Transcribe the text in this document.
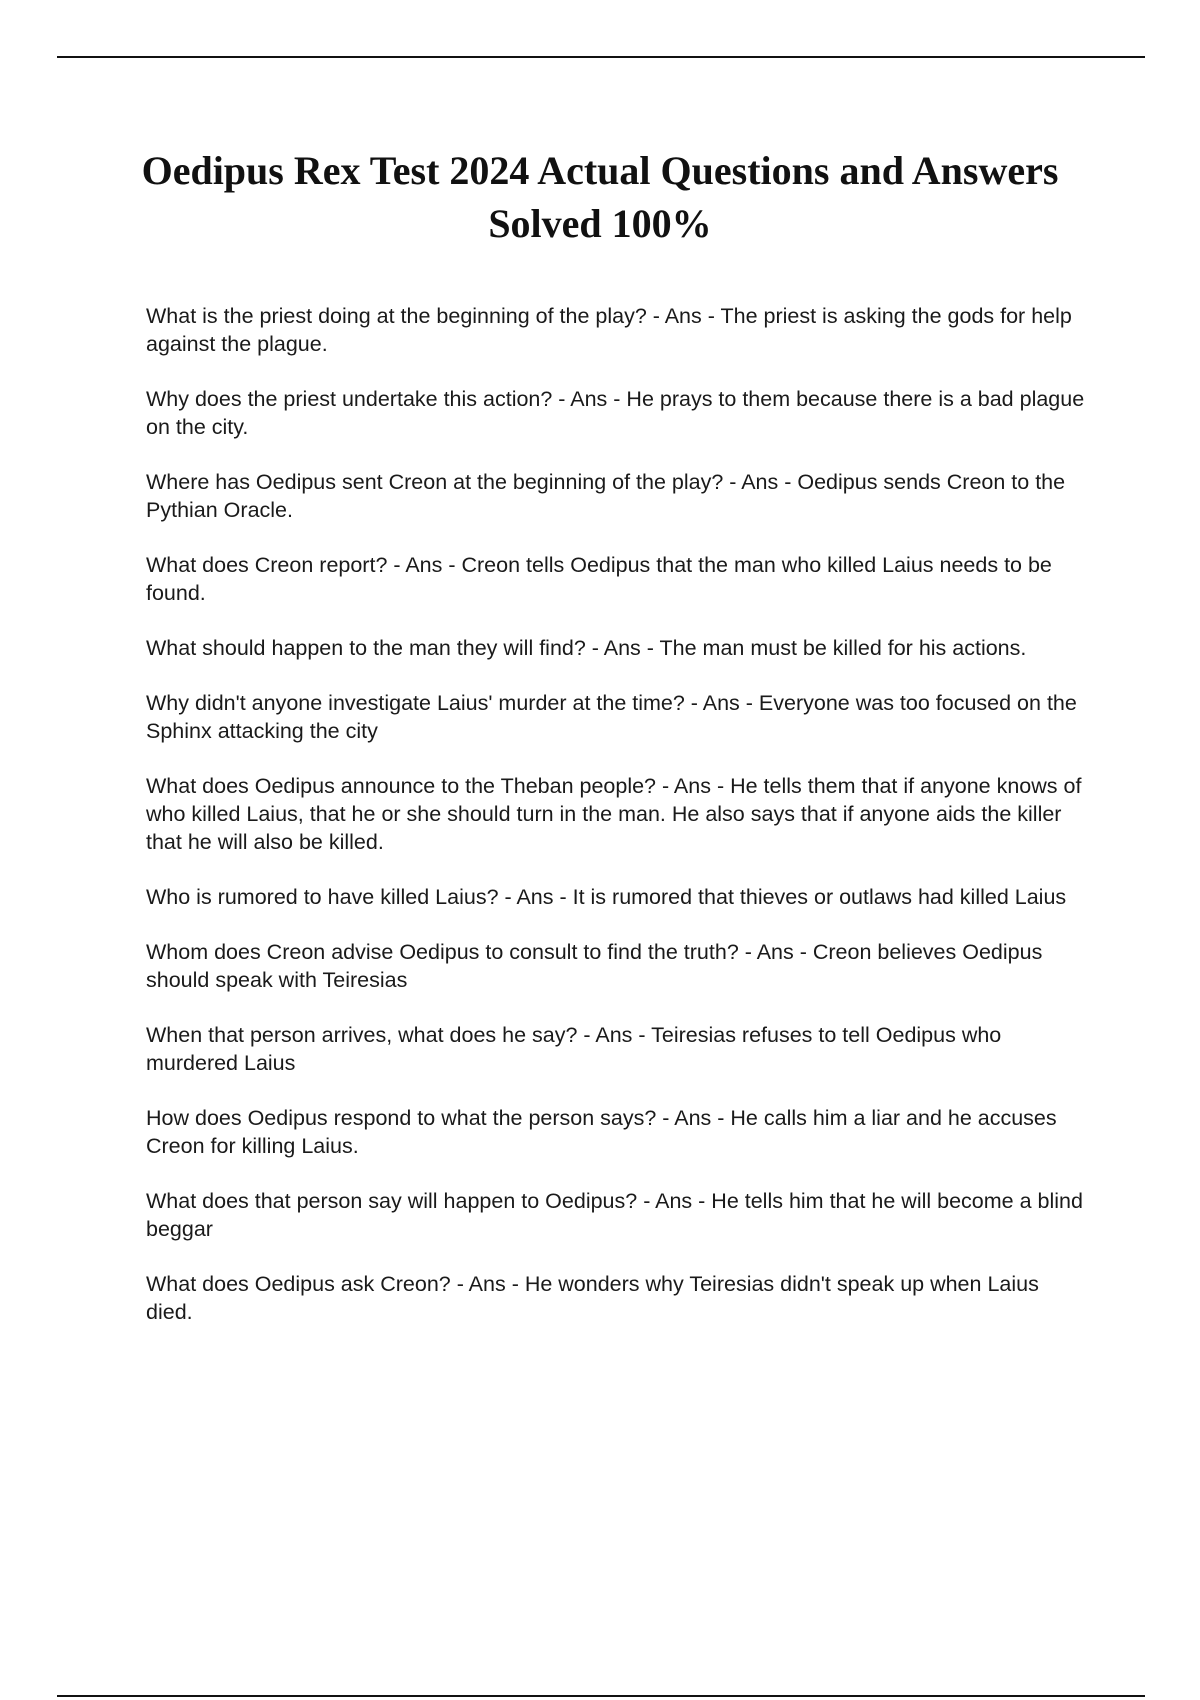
Oedipus Rex Test 2024 Actual Questions and Answers Solved 100%
What is the priest doing at the beginning of the play? - Ans - The priest is asking the gods for help against the plague.
Why does the priest undertake this action? - Ans - He prays to them because there is a bad plague on the city.
Where has Oedipus sent Creon at the beginning of the play? - Ans - Oedipus sends Creon to the Pythian Oracle.
What does Creon report? - Ans - Creon tells Oedipus that the man who killed Laius needs to be found.
What should happen to the man they will find? - Ans - The man must be killed for his actions.
Why didn't anyone investigate Laius' murder at the time? - Ans - Everyone was too focused on the Sphinx attacking the city
What does Oedipus announce to the Theban people? - Ans - He tells them that if anyone knows of who killed Laius, that he or she should turn in the man. He also says that if anyone aids the killer that he will also be killed.
Who is rumored to have killed Laius? - Ans - It is rumored that thieves or outlaws had killed Laius
Whom does Creon advise Oedipus to consult to find the truth? - Ans - Creon believes Oedipus should speak with Teiresias
When that person arrives, what does he say? - Ans - Teiresias refuses to tell Oedipus who murdered Laius
How does Oedipus respond to what the person says? - Ans - He calls him a liar and he accuses Creon for killing Laius.
What does that person say will happen to Oedipus? - Ans - He tells him that he will become a blind beggar
What does Oedipus ask Creon? - Ans - He wonders why Teiresias didn't speak up when Laius died.
